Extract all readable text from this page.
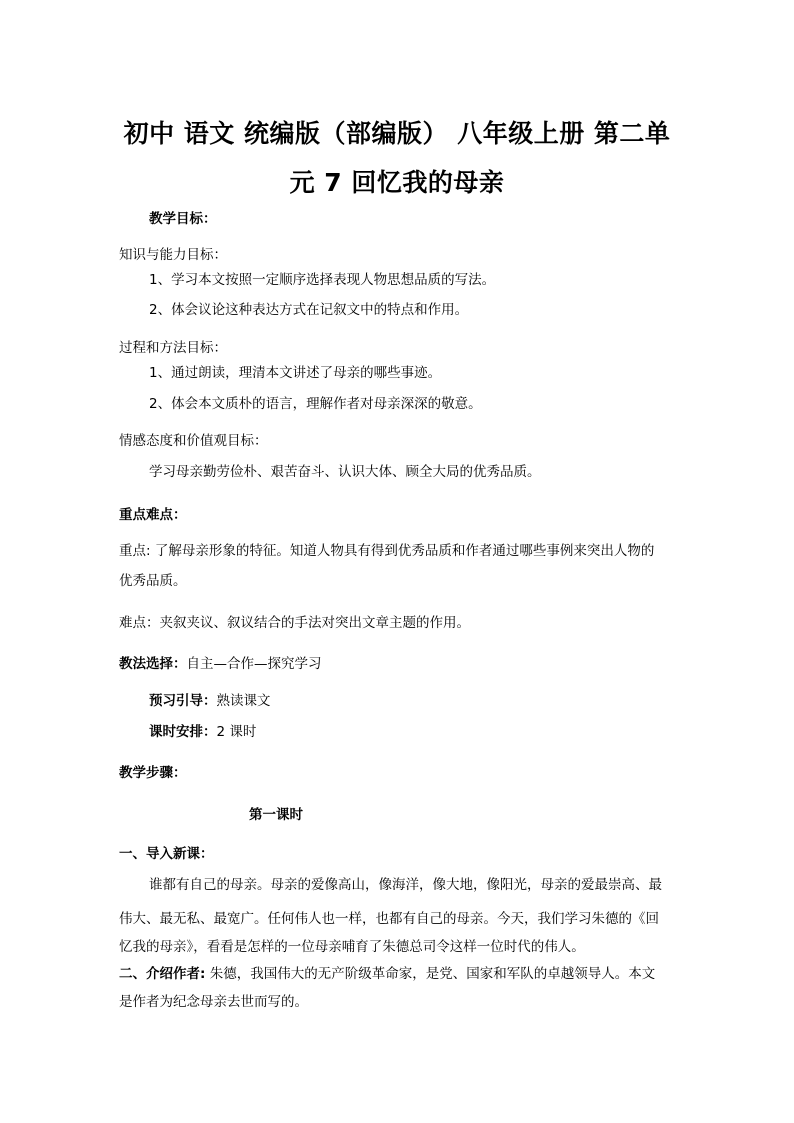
初中 语文 统编版（部编版） 八年级上册 第二单
元 7 回忆我的母亲
教学目标：
知识与能力目标：
1、学习本文按照一定顺序选择表现人物思想品质的写法。
2、体会议论这种表达方式在记叙文中的特点和作用。
过程和方法目标：
1、通过朗读，理清本文讲述了母亲的哪些事迹。
2、体会本文质朴的语言，理解作者对母亲深深的敬意。
情感态度和价值观目标：
学习母亲勤劳俭朴、艰苦奋斗、认识大体、顾全大局的优秀品质。
重点难点：
重点: 了解母亲形象的特征。知道人物具有得到优秀品质和作者通过哪些事例来突出人物的
优秀品质。
难点：夹叙夹议、叙议结合的手法对突出文章主题的作用。
教法选择：自主—合作—探究学习
预习引导：熟读课文
课时安排：2 课时
教学步骤：
第一课时
一、导入新课：
谁都有自己的母亲。母亲的爱像高山，像海洋，像大地，像阳光，母亲的爱最崇高、最
伟大、最无私、最宽广。任何伟人也一样，也都有自己的母亲。今天，我们学习朱德的《回
忆我的母亲》，看看是怎样的一位母亲哺育了朱德总司令这样一位时代的伟人。
二、介绍作者: 朱德，我国伟大的无产阶级革命家，是党、国家和军队的卓越领导人。本文
是作者为纪念母亲去世而写的。
